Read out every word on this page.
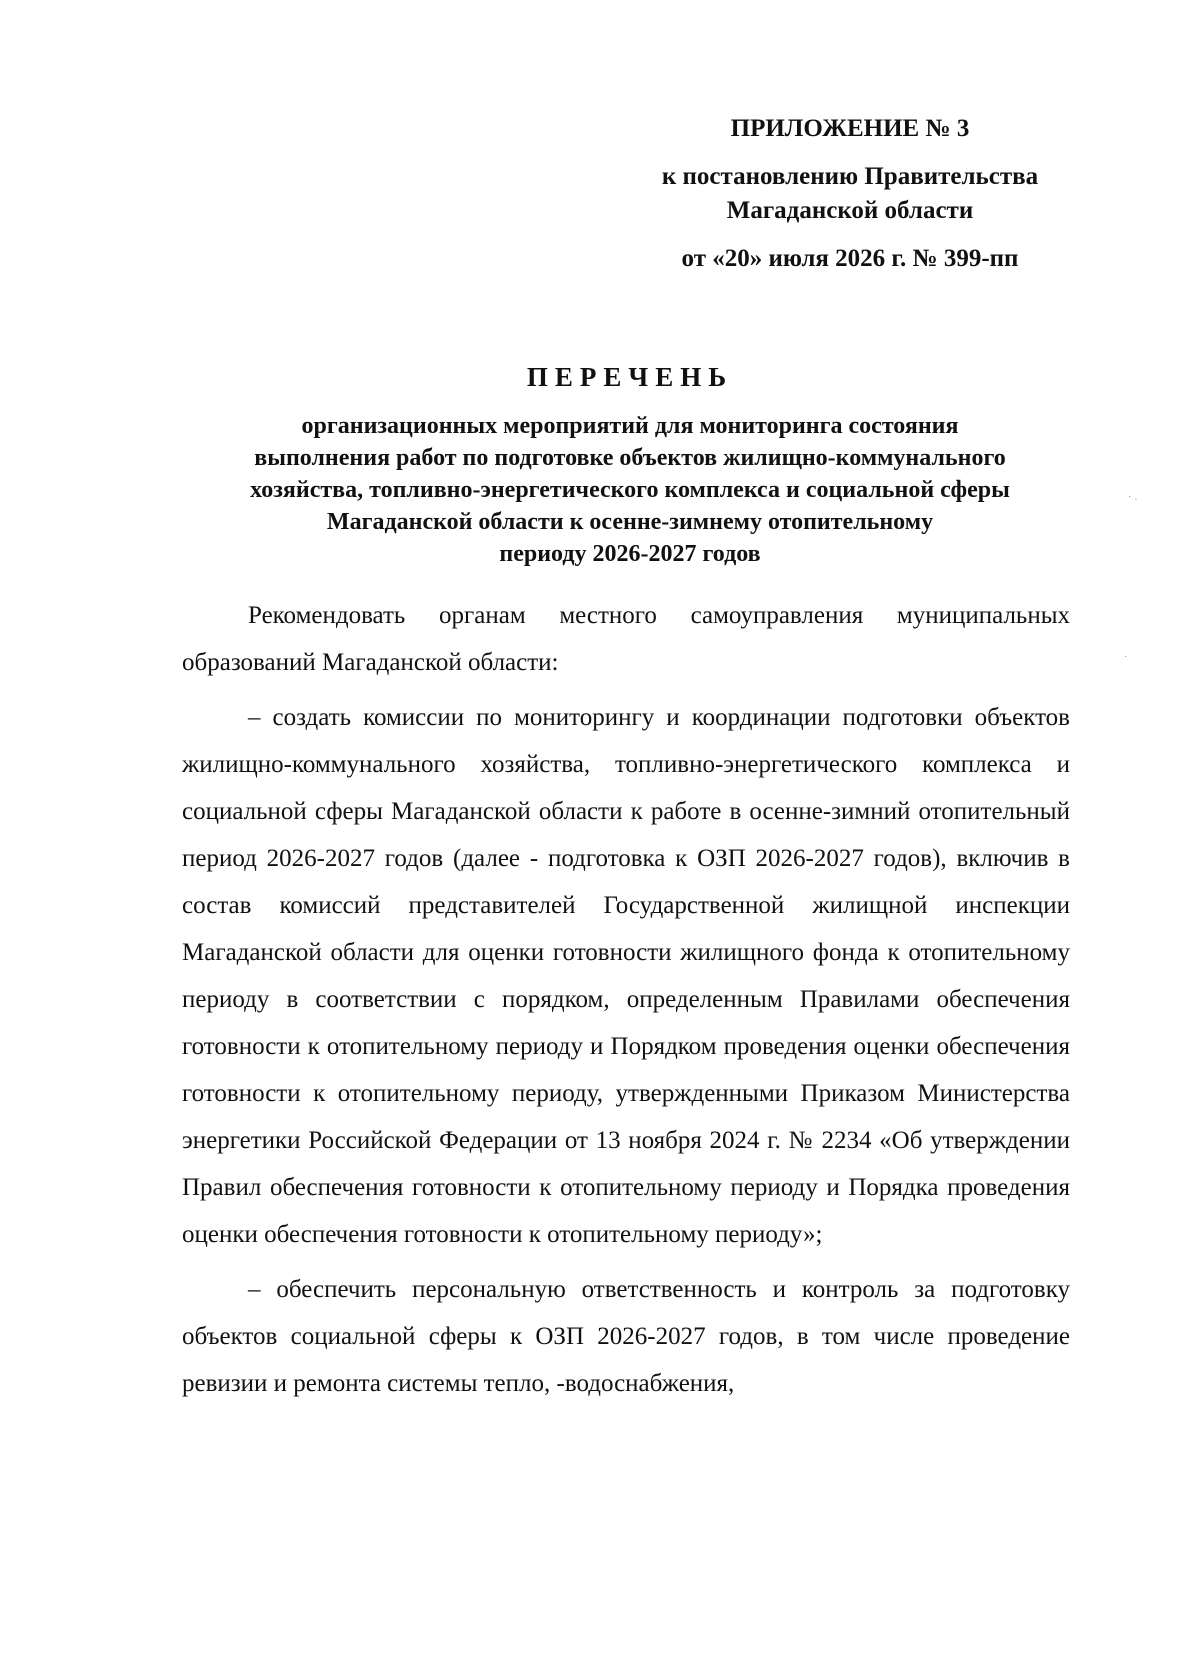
ПРИЛОЖЕНИЕ № 3
к постановлению Правительства
Магаданской области
от «20» июля 2026 г. № 399-пп
ПЕРЕЧЕНЬ
организационных мероприятий для мониторинга состояния
выполнения работ по подготовке объектов жилищно-коммунального
хозяйства, топливно-энергетического комплекса и социальной сферы
Магаданской области к осенне-зимнему отопительному
периоду 2026-2027 годов

Рекомендовать органам местного самоуправления муниципальных образований Магаданской области:

– создать комиссии по мониторингу и координации подготовки объектов жилищно-коммунального хозяйства, топливно-энергетического комплекса и социальной сферы Магаданской области к работе в осенне-зимний отопительный период 2026-2027 годов (далее - подготовка к ОЗП 2026-2027 годов), включив в состав комиссий представителей Государственной жилищной инспекции Магаданской области для оценки готовности жилищного фонда к отопительному периоду в соответствии с порядком, определенным Правилами обеспечения готовности к отопительному периоду и Порядком проведения оценки обеспечения готовности к отопительному периоду, утвержденными Приказом Министерства энергетики Российской Федерации от 13 ноября 2024 г. № 2234 «Об утверждении Правил обеспечения готовности к отопительному периоду и Порядка проведения оценки обеспечения готовности к отопительному периоду»;

– обеспечить персональную ответственность и контроль за подготовку объектов социальной сферы к ОЗП 2026-2027 годов, в том числе проведение ревизии и ремонта системы тепло, -водоснабжения,

· .
·
